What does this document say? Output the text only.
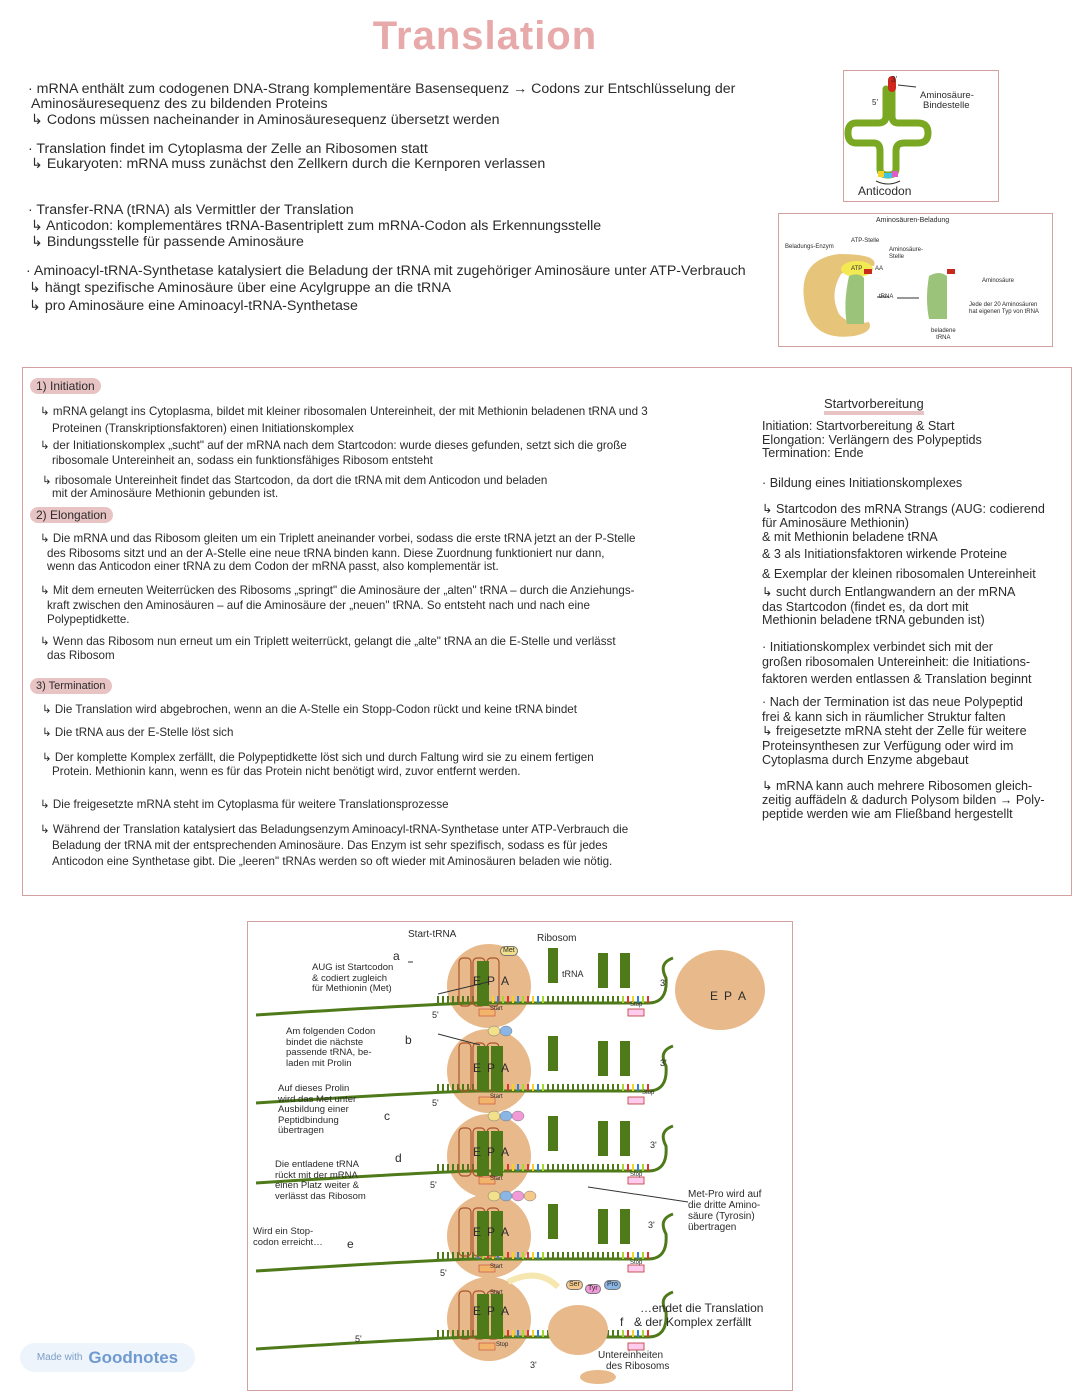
Translation
· mRNA enthält zum codogenen DNA-Strang komplementäre Basensequenz → Codons zur Entschlüsselung der
Aminosäuresequenz des zu bildenden Proteins
↳ Codons müssen nacheinander in Aminosäuresequenz übersetzt werden
· Translation findet im Cytoplasma der Zelle an Ribosomen statt
↳ Eukaryoten: mRNA muss zunächst den Zellkern durch die Kernporen verlassen
· Transfer-RNA (tRNA) als Vermittler der Translation
↳ Anticodon: komplementäres tRNA-Basentriplett zum mRNA-Codon als Erkennungsstelle
↳ Bindungsstelle für passende Aminosäure
· Aminoacyl-tRNA-Synthetase katalysiert die Beladung der tRNA mit zugehöriger Aminosäure unter ATP-Verbrauch
↳ hängt spezifische Aminosäure über eine Acylgruppe an die tRNA
↳ pro Aminosäure eine Aminoacyl-tRNA-Synthetase
3'
5'
Aminosäure-
Bindestelle
Anticodon
Aminosäuren-Beladung
Beladungs-Enzym
ATP-Stelle
ATP
Aminosäure-
Stelle
AA
tRNA
Aminosäure
Jede der 20 Aminosäuren
hat eigenen Typ von tRNA
beladene
tRNA
1) Initiation
↳ mRNA gelangt ins Cytoplasma, bildet mit kleiner ribosomalen Untereinheit, der mit Methionin beladenen tRNA und 3
Proteinen (Transkriptionsfaktoren) einen Initiationskomplex
↳ der Initiationskomplex „sucht" auf der mRNA nach dem Startcodon: wurde dieses gefunden, setzt sich die große
ribosomale Untereinheit an, sodass ein funktionsfähiges Ribosom entsteht
↳ ribosomale Untereinheit findet das Startcodon, da dort die tRNA mit dem Anticodon und beladen
mit der Aminosäure Methionin gebunden ist.
2) Elongation
↳ Die mRNA und das Ribosom gleiten um ein Triplett aneinander vorbei, sodass die erste tRNA jetzt an der P-Stelle
des Ribosoms sitzt und an der A-Stelle eine neue tRNA binden kann. Diese Zuordnung funktioniert nur dann,
wenn das Anticodon einer tRNA zu dem Codon der mRNA passt, also komplementär ist.
↳ Mit dem erneuten Weiterrücken des Ribosoms „springt" die Aminosäure der „alten" tRNA – durch die Anziehungs-
kraft zwischen den Aminosäuren – auf die Aminosäure der „neuen" tRNA. So entsteht nach und nach eine
Polypeptidkette.
↳ Wenn das Ribosom nun erneut um ein Triplett weiterrückt, gelangt die „alte" tRNA an die E-Stelle und verlässt
das Ribosom
3) Termination
↳ Die Translation wird abgebrochen, wenn an die A-Stelle ein Stopp-Codon rückt und keine tRNA bindet
↳ Die tRNA aus der E-Stelle löst sich
↳ Der komplette Komplex zerfällt, die Polypeptidkette löst sich und durch Faltung wird sie zu einem fertigen
Protein. Methionin kann, wenn es für das Protein nicht benötigt wird, zuvor entfernt werden.
↳ Die freigesetzte mRNA steht im Cytoplasma für weitere Translationsprozesse
↳ Während der Translation katalysiert das Beladungsenzym Aminoacyl-tRNA-Synthetase unter ATP-Verbrauch die
Beladung der tRNA mit der entsprechenden Aminosäure. Das Enzym ist sehr spezifisch, sodass es für jedes
Anticodon eine Synthetase gibt. Die „leeren" tRNAs werden so oft wieder mit Aminosäuren beladen wie nötig.
Startvorbereitung
Initiation: Startvorbereitung & Start
Elongation: Verlängern des Polypeptids
Termination: Ende
· Bildung eines Initiationskomplexes
↳ Startcodon des mRNA Strangs (AUG: codierend
für Aminosäure Methionin)
& mit Methionin beladene tRNA
& 3 als Initiationsfaktoren wirkende Proteine
& Exemplar der kleinen ribosomalen Untereinheit
↳ sucht durch Entlangwandern an der mRNA
das Startcodon (findet es, da dort mit
Methionin beladene tRNA gebunden ist)
· Initiationskomplex verbindet sich mit der
großen ribosomalen Untereinheit: die Initiations-
faktoren werden entlassen & Translation beginnt
· Nach der Termination ist das neue Polypeptid
frei & kann sich in räumlicher Struktur falten
↳ freigesetzte mRNA steht der Zelle für weitere
Proteinsynthesen zur Verfügung oder wird im
Cytoplasma durch Enzyme abgebaut
↳ mRNA kann auch mehrere Ribosomen gleich-
zeitig auffädeln & dadurch Polysom bilden → Poly-
peptide werden wie am Fließband hergestellt
Start-tRNA	Ribosom
tRNA
a
AUG ist Startcodon
& codiert zugleich
für Methionin (Met)
b
Am folgenden Codon
bindet die nächste
passende tRNA, be-
laden mit Prolin
c
Auf dieses Prolin
wird das Met unter
Ausbildung einer
Peptidbindung
übertragen
d
Die entladene tRNA
rückt mit der mRNA
einen Platz weiter &
verlässt das Ribosom
e
Wird ein Stop-
codon erreicht…
f
…endet die Translation
& der Komplex zerfällt
Met-Pro wird auf
die dritte Amino-
säure (Tyrosin)
übertragen
Untereinheiten
des Ribosoms
5'
3'
Start
Stop
5'
3'
Start
Stop
5'
3'
Start
Stop
5'
3'
Start
Stop
5'
3'
Start
Stop
E P A
E P A
E P A
E P A
E P A
E P A
Met
Pro
Tyr
Ser
Made with Goodnotes
